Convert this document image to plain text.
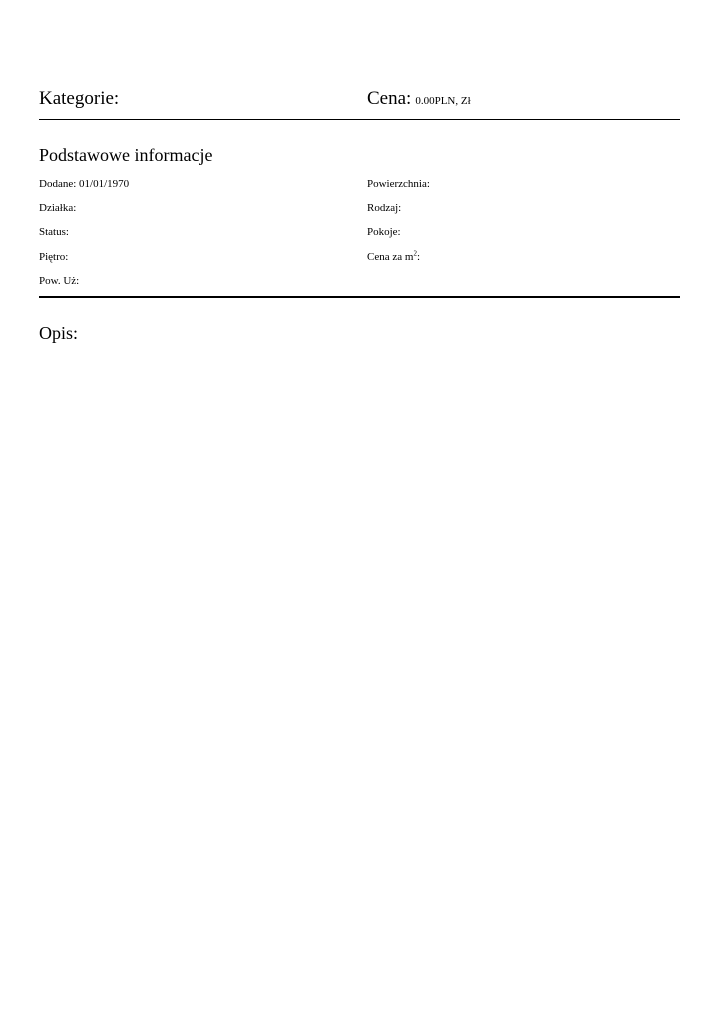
Kategorie:	Cena: 0.00PLN, Zł
Podstawowe informacje
Dodane: 01/01/1970
Działka:
Status:
Piętro:
Pow. Uż:
Powierzchnia:
Rodzaj:
Pokoje:
Cena za $m^2$:
Opis:
